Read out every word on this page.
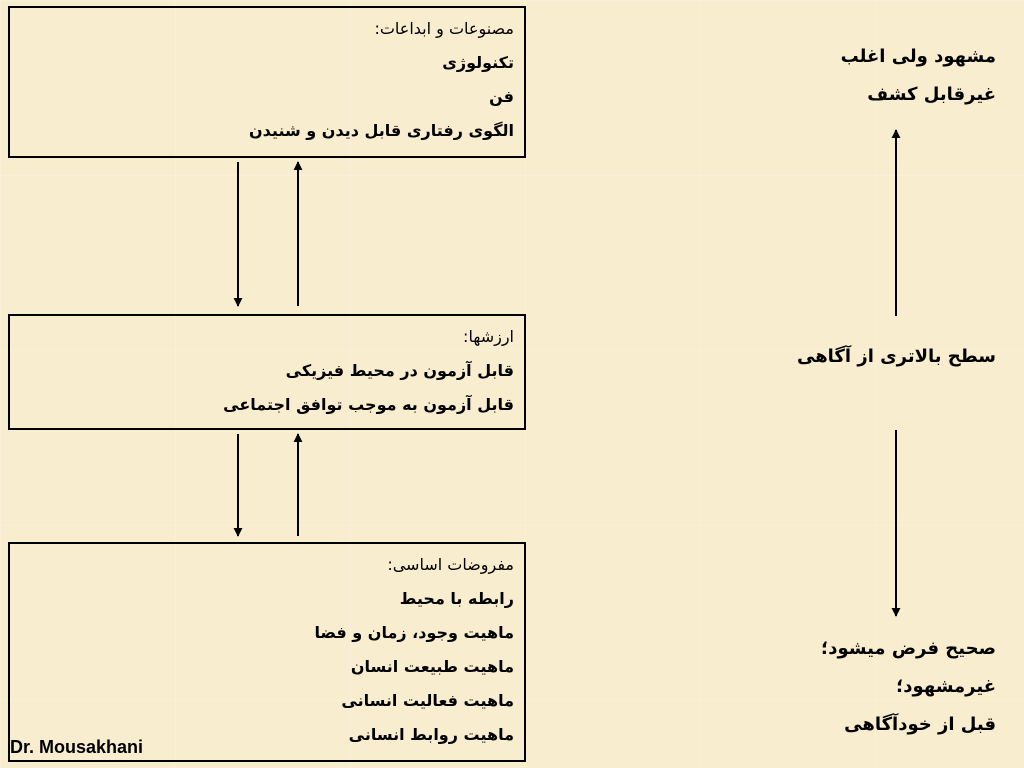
مصنوعات و ابداعات:
تکنولوژی
فن
الگوی رفتاری قابل دیدن و شنیدن
ارزشها:
قابل آزمون در محیط فیزیکی
قابل آزمون به موجب توافق اجتماعی
مفروضات اساسی:
رابطه با محیط
ماهیت وجود، زمان و فضا
ماهیت طبیعت انسان
ماهیت فعالیت انسانی
ماهیت روابط انسانی
مشهود ولی اغلب
غیرقابل کشف
سطح بالاتری از آگاهی
صحیح فرض میشود؛
غیرمشهود؛
قبل از خودآگاهی
Dr. Mousakhani
